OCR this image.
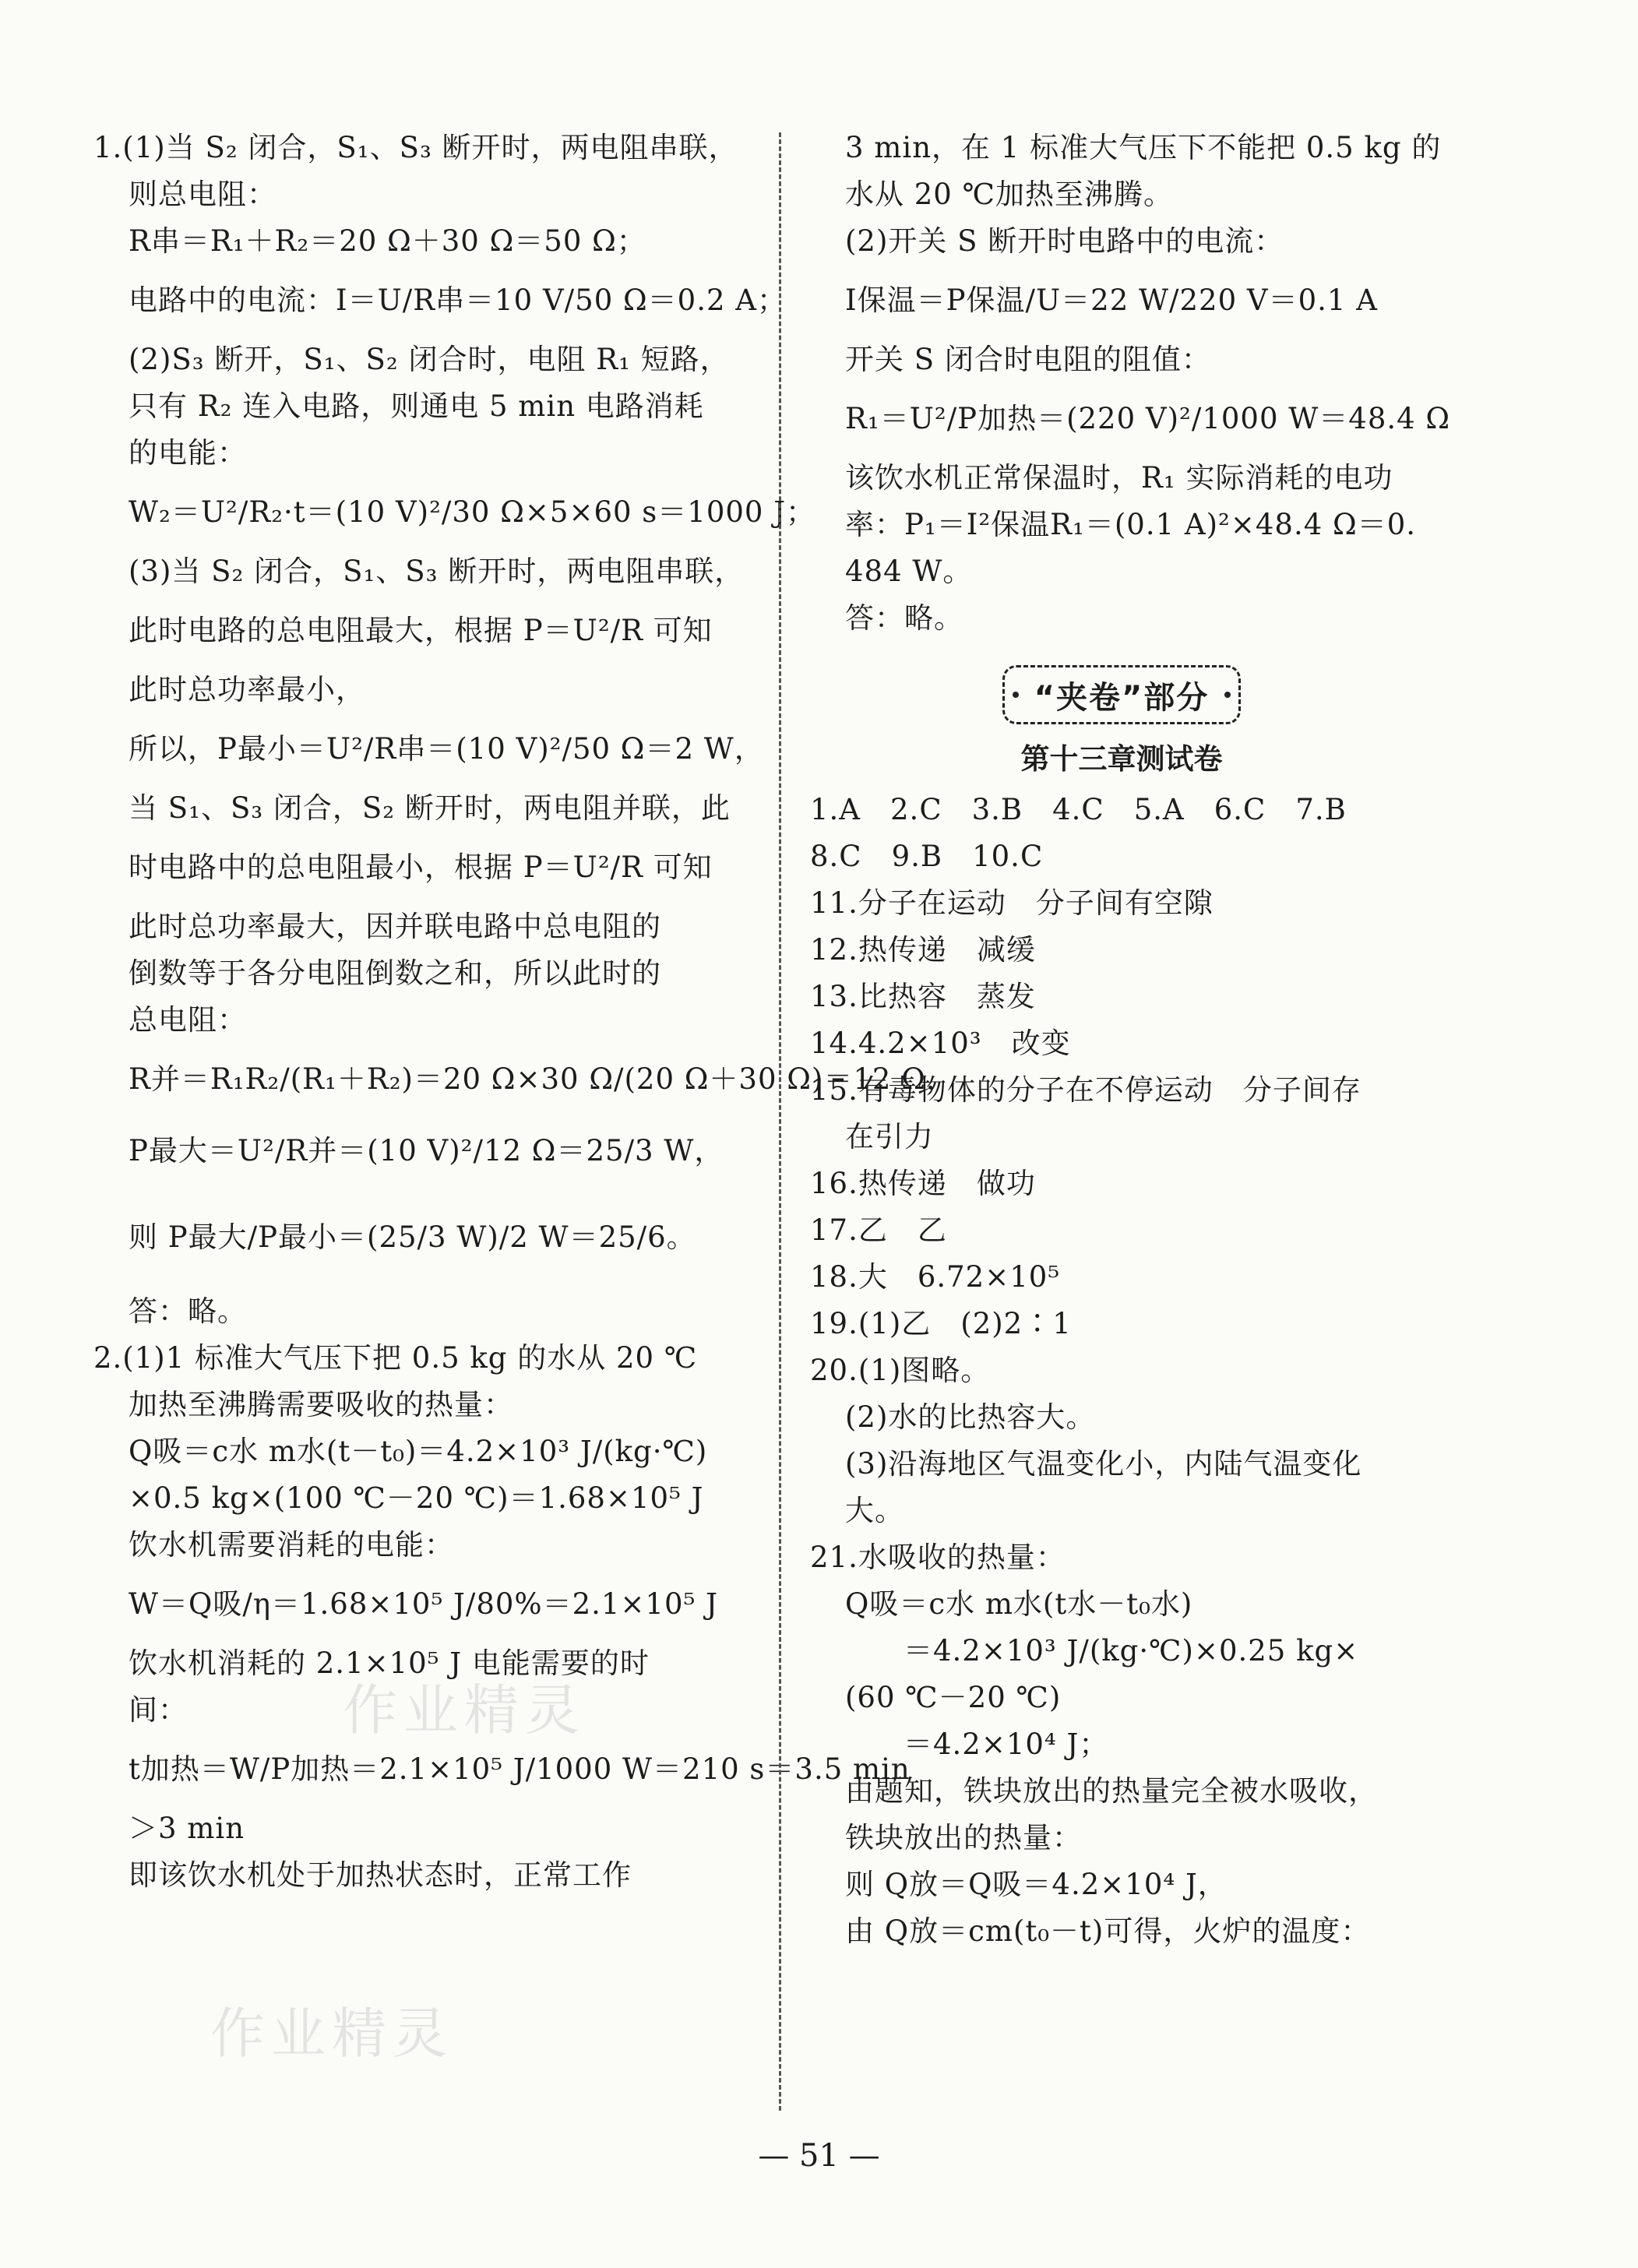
1.(1)当 S₂ 闭合，S₁、S₃ 断开时，两电阻串联，
则总电阻：
R串＝R₁＋R₂＝20 Ω＋30 Ω＝50 Ω；
电路中的电流：I＝U/R串＝10 V/50 Ω＝0.2 A；
(2)S₃ 断开，S₁、S₂ 闭合时，电阻 R₁ 短路，
只有 R₂ 连入电路，则通电 5 min 电路消耗
的电能：
W₂＝U²/R₂·t＝(10 V)²/30 Ω×5×60 s＝1000 J；
(3)当 S₂ 闭合，S₁、S₃ 断开时，两电阻串联，
此时电路的总电阻最大，根据 P＝U²/R 可知
此时总功率最小，
所以，P最小＝U²/R串＝(10 V)²/50 Ω＝2 W，
当 S₁、S₃ 闭合，S₂ 断开时，两电阻并联，此
时电路中的总电阻最小，根据 P＝U²/R 可知
此时总功率最大，因并联电路中总电阻的
倒数等于各分电阻倒数之和，所以此时的
总电阻：
R并＝R₁R₂/(R₁＋R₂)＝20 Ω×30 Ω/(20 Ω＋30 Ω)＝12 Ω，
P最大＝U²/R并＝(10 V)²/12 Ω＝25/3 W，
则 P最大/P最小＝(25/3 W)/2 W＝25/6。
答：略。
2.(1)1 标准大气压下把 0.5 kg 的水从 20 ℃
加热至沸腾需要吸收的热量：
Q吸＝c水 m水(t－t₀)＝4.2×10³ J/(kg·℃)
×0.5 kg×(100 ℃－20 ℃)＝1.68×10⁵ J
饮水机需要消耗的电能：
W＝Q吸/η＝1.68×10⁵ J/80%＝2.1×10⁵ J
饮水机消耗的 2.1×10⁵ J 电能需要的时
间：
t加热＝W/P加热＝2.1×10⁵ J/1000 W＝210 s＝3.5 min
＞3 min
即该饮水机处于加热状态时，正常工作
3 min，在 1 标准大气压下不能把 0.5 kg 的
水从 20 ℃加热至沸腾。
(2)开关 S 断开时电路中的电流：
I保温＝P保温/U＝22 W/220 V＝0.1 A
开关 S 闭合时电阻的阻值：
R₁＝U²/P加热＝(220 V)²/1000 W＝48.4 Ω
该饮水机正常保温时，R₁ 实际消耗的电功
率：P₁＝I²保温R₁＝(0.1 A)²×48.4 Ω＝0.
484 W。
答：略。
“夹卷”部分
第十三章测试卷
1.A　2.C　3.B　4.C　5.A　6.C　7.B
8.C　9.B　10.C
11.分子在运动　分子间有空隙
12.热传递　减缓
13.比热容　蒸发
14.4.2×10³　改变
15.有毒物体的分子在不停运动　分子间存
在引力
16.热传递　做功
17.乙　乙
18.大　6.72×10⁵
19.(1)乙　(2)2∶1
20.(1)图略。
(2)水的比热容大。
(3)沿海地区气温变化小，内陆气温变化
大。
21.水吸收的热量：
Q吸＝c水 m水(t水－t₀水)
＝4.2×10³ J/(kg·℃)×0.25 kg×
(60 ℃－20 ℃)
＝4.2×10⁴ J；
由题知，铁块放出的热量完全被水吸收，
铁块放出的热量：
则 Q放＝Q吸＝4.2×10⁴ J，
由 Q放＝cm(t₀－t)可得，火炉的温度：
— 51 —
作业精灵
作业精灵
